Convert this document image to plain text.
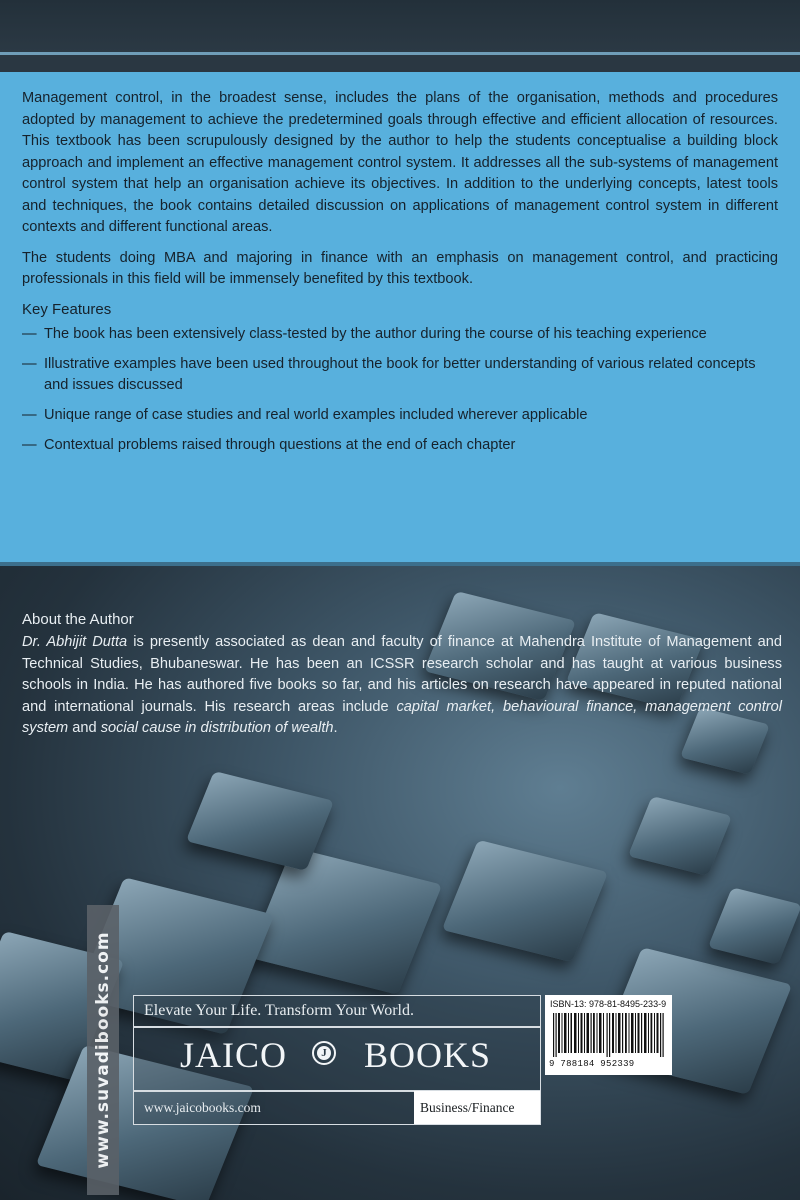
Management control, in the broadest sense, includes the plans of the organisation, methods and procedures adopted by management to achieve the predetermined goals through effective and efficient allocation of resources. This textbook has been scrupulously designed by the author to help the students conceptualise a building block approach and implement an effective management control system. It addresses all the sub-systems of management control system that help an organisation achieve its objectives. In addition to the underlying concepts, latest tools and techniques, the book contains detailed discussion on applications of management control system in different contexts and different functional areas.

The students doing MBA and majoring in finance with an emphasis on management control, and practicing professionals in this field will be immensely benefited by this textbook.

Key Features
— The book has been extensively class-tested by the author during the course of his teaching experience
— Illustrative examples have been used throughout the book for better understanding of various related concepts and issues discussed
— Unique range of case studies and real world examples included wherever applicable
— Contextual problems raised through questions at the end of each chapter
About the Author

Dr. Abhijit Dutta is presently associated as dean and faculty of finance at Mahendra Institute of Management and Technical Studies, Bhubaneswar. He has been an ICSSR research scholar and has taught at various business schools in India. He has authored five books so far, and his articles on research have appeared in reputed national and international journals. His research areas include capital market, behavioural finance, management control system and social cause in distribution of wealth.

www.suvadibooks.com Elevate Your Life. Transform Your World.
JAICO	J BOOKS
www.jaicobooks.com	Business/Finance
ISBN-13: 978-81-8495-233-9
9 788184 952339
